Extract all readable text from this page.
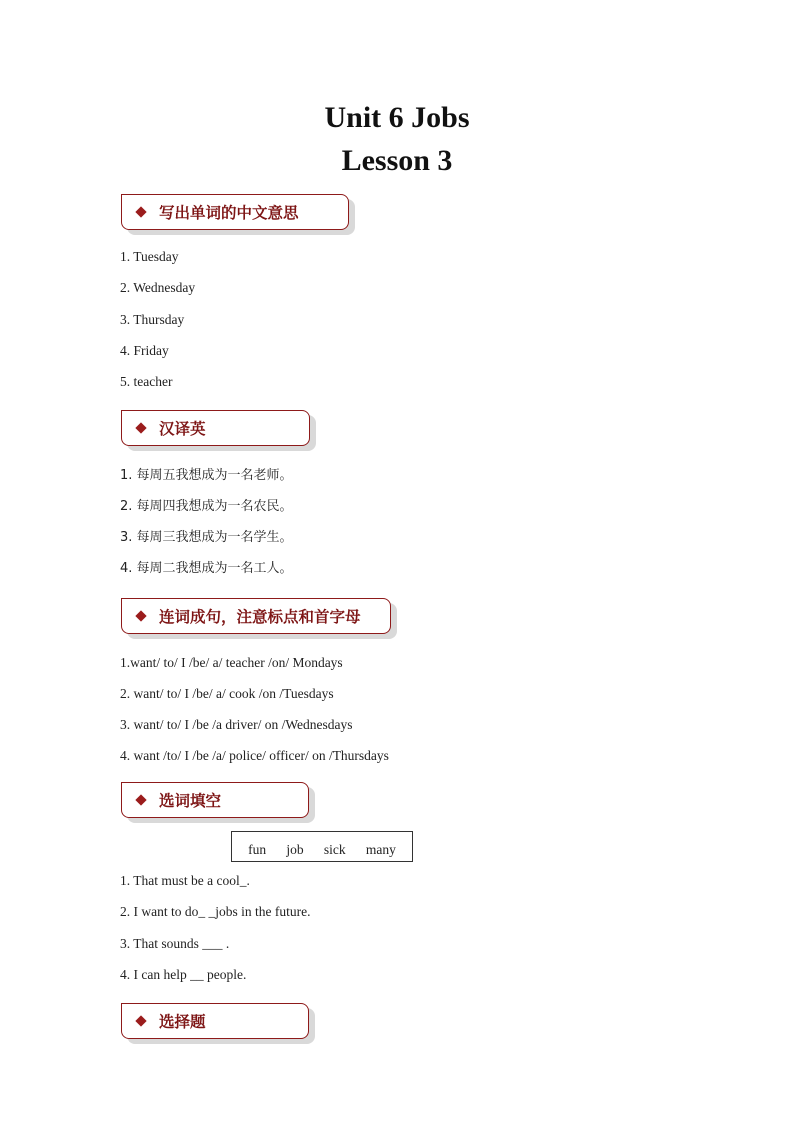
Unit 6 Jobs
Lesson 3
写出单词的中文意思
1. Tuesday
2. Wednesday
3. Thursday
4. Friday
5. teacher
汉译英
1. 每周五我想成为一名老师。
2. 每周四我想成为一名农民。
3. 每周三我想成为一名学生。
4. 每周二我想成为一名工人。
连词成句，注意标点和首字母
1.want/ to/ I /be/ a/ teacher /on/ Mondays
2. want/ to/ I /be/ a/ cook /on /Tuesdays
3. want/ to/ I /be /a driver/ on /Wednesdays
4. want /to/ I /be /a/ police/ officer/ on /Thursdays
选词填空
fun job sick many
1. That must be a cool_.
2. I want to do_ _jobs in the future.
3. That sounds ___ .
4. I can help __ people.
选择题
